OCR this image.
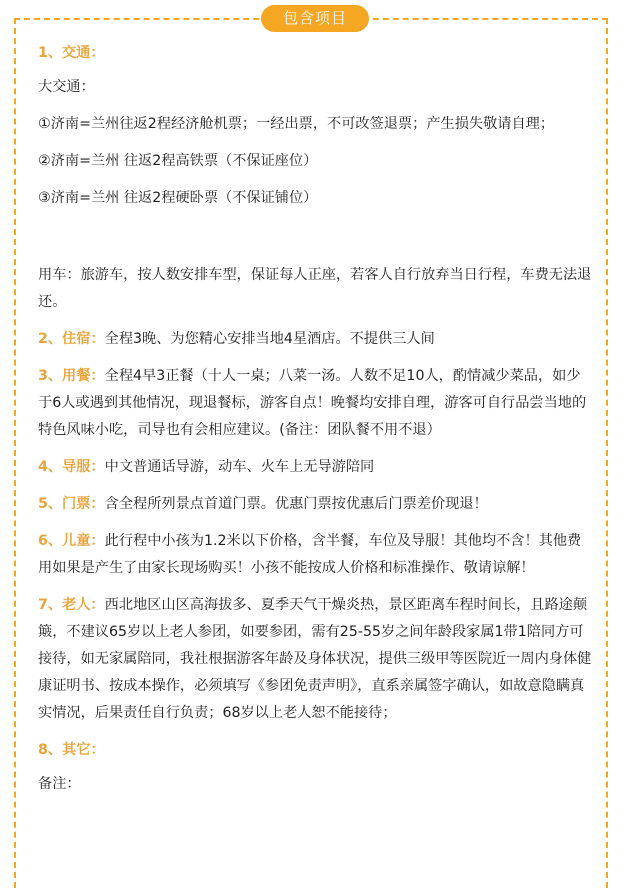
包含项目

1、交通：

大交通：

①济南=兰州往返2程经济舱机票；一经出票，不可改签退票；产生损失敬请自理；

②济南=兰州 往返2程高铁票（不保证座位）

③济南=兰州 往返2程硬卧票（不保证铺位）

用车：旅游车，按人数安排车型，保证每人正座，若客人自行放弃当日行程，车费无法退还。

2、住宿：全程3晚、为您精心安排当地4星酒店。不提供三人间

3、用餐：全程4早3正餐（十人一桌；八菜一汤。人数不足10人，酌情减少菜品，如少于6人或遇到其他情况，现退餐标，游客自点！晚餐均安排自理，游客可自行品尝当地的特色风味小吃，司导也有会相应建议。(备注：团队餐不用不退）

4、导服：中文普通话导游，动车、火车上无导游陪同

5、门票：含全程所列景点首道门票。优惠门票按优惠后门票差价现退！

6、儿童：此行程中小孩为1.2米以下价格，含半餐，车位及导服！其他均不含！其他费用如果是产生了由家长现场购买！小孩不能按成人价格和标准操作、敬请谅解！

7、老人：西北地区山区高海拔多、夏季天气干燥炎热，景区距离车程时间长，且路途颠簸，不建议65岁以上老人参团，如要参团，需有25-55岁之间年龄段家属1带1陪同方可接待，如无家属陪同，我社根据游客年龄及身体状况，提供三级甲等医院近一周内身体健康证明书、按成本操作，必须填写《参团免责声明》，直系亲属签字确认，如故意隐瞒真实情况，后果责任自行负责；68岁以上老人恕不能接待；

8、其它：

备注：
